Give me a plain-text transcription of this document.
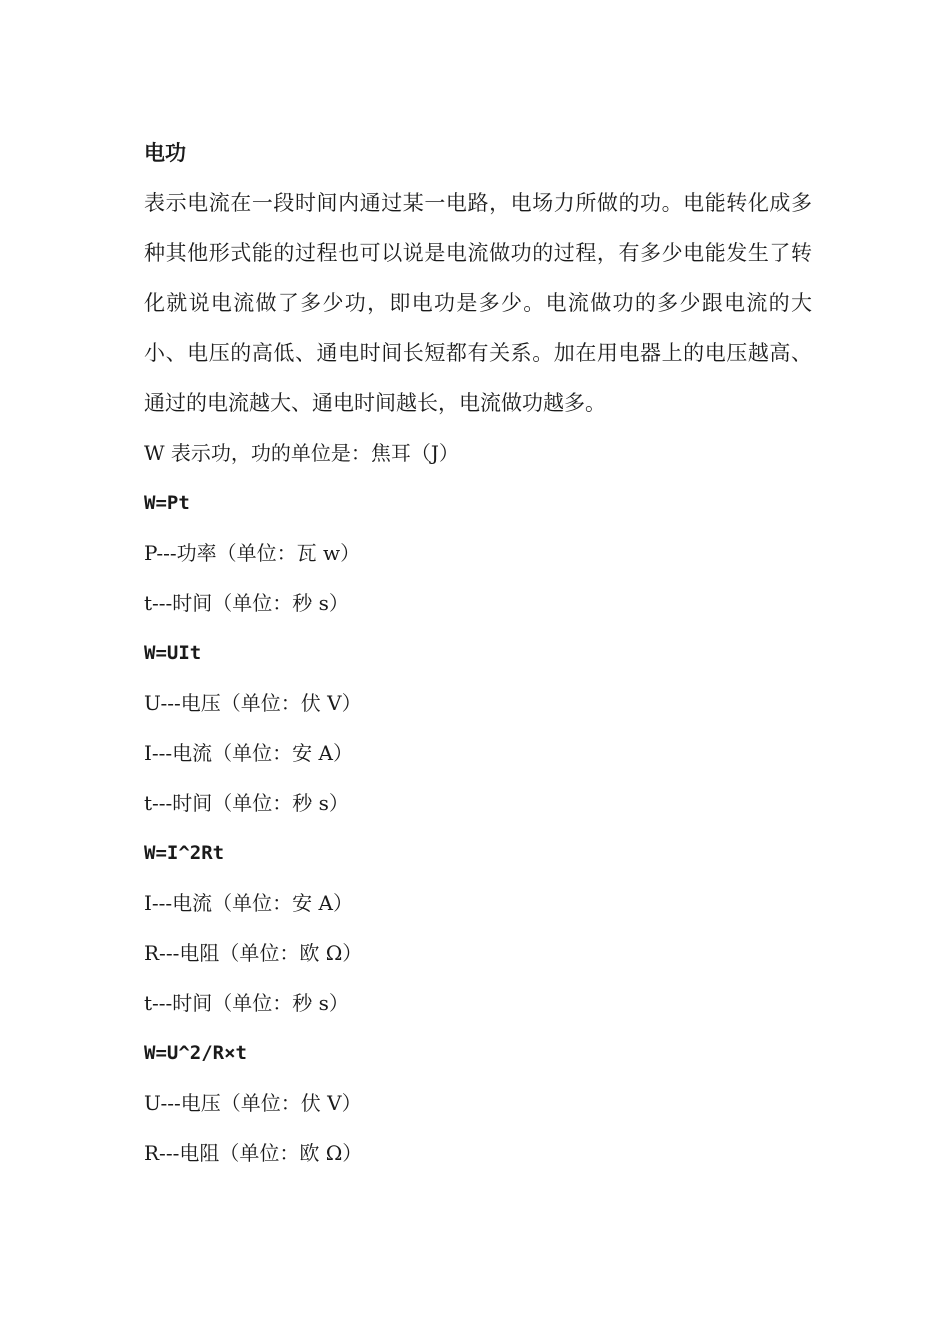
电功

表示电流在一段时间内通过某一电路，电场力所做的功。电能转化成多种其他形式能的过程也可以说是电流做功的过程，有多少电能发生了转化就说电流做了多少功，即电功是多少。电流做功的多少跟电流的大小、电压的高低、通电时间长短都有关系。加在用电器上的电压越高、通过的电流越大、通电时间越长，电流做功越多。

W 表示功，功的单位是：焦耳（J）

W=Pt

P---功率（单位：瓦 w）

t---时间（单位：秒 s）

W=UIt

U---电压（单位：伏 V）

I---电流（单位：安 A）

t---时间（单位：秒 s）

W=I^2Rt

I---电流（单位：安 A）

R---电阻（单位：欧 Ω）

t---时间（单位：秒 s）

W=U^2/R×t

U---电压（单位：伏 V）

R---电阻（单位：欧 Ω）
